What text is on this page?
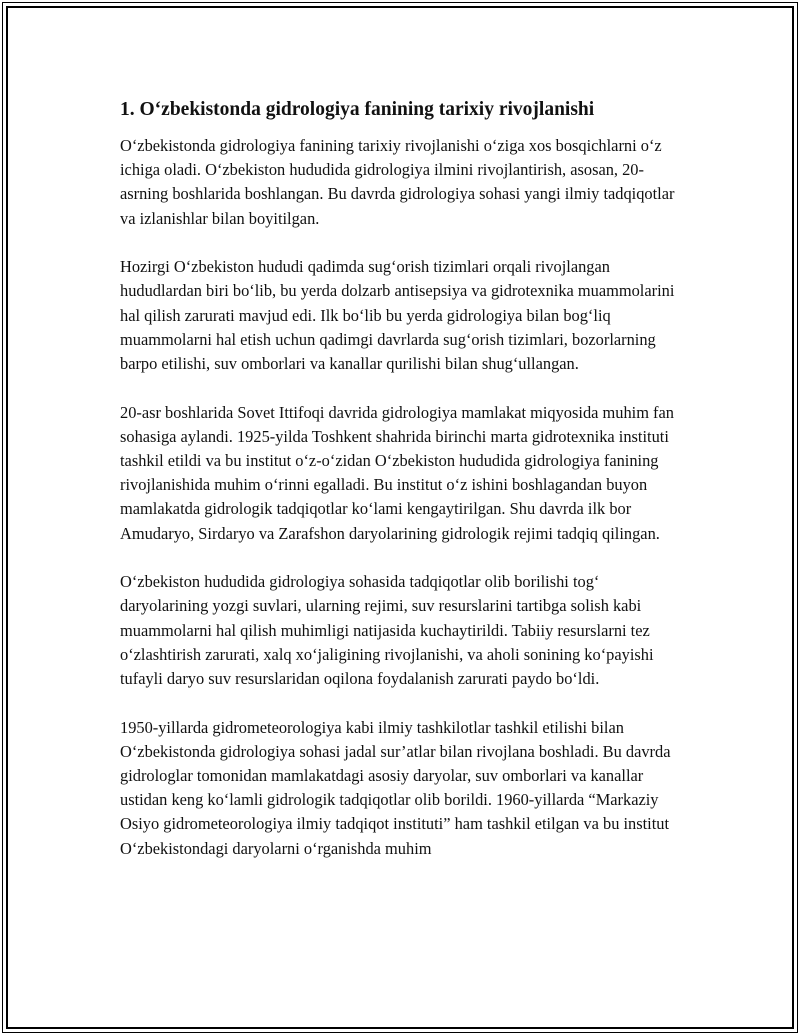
1. O‘zbekistonda gidrologiya fanining tarixiy rivojlanishi

O‘zbekistonda gidrologiya fanining tarixiy rivojlanishi o‘ziga xos bosqichlarni o‘z ichiga oladi. O‘zbekiston hududida gidrologiya ilmini rivojlantirish, asosan, 20-asrning boshlarida boshlangan. Bu davrda gidrologiya sohasi yangi ilmiy tadqiqotlar va izlanishlar bilan boyitilgan.

Hozirgi O‘zbekiston hududi qadimda sug‘orish tizimlari orqali rivojlangan hududlardan biri bo‘lib, bu yerda dolzarb antisepsiya va gidrotexnika muammolarini hal qilish zarurati mavjud edi. Ilk bo‘lib bu yerda gidrologiya bilan bog‘liq muammolarni hal etish uchun qadimgi davrlarda sug‘orish tizimlari, bozorlarning barpo etilishi, suv omborlari va kanallar qurilishi bilan shug‘ullangan.

20-asr boshlarida Sovet Ittifoqi davrida gidrologiya mamlakat miqyosida muhim fan sohasiga aylandi. 1925-yilda Toshkent shahrida birinchi marta gidrotexnika instituti tashkil etildi va bu institut o‘z-o‘zidan O‘zbekiston hududida gidrologiya fanining rivojlanishida muhim o‘rinni egalladi. Bu institut o‘z ishini boshlagandan buyon mamlakatda gidrologik tadqiqotlar ko‘lami kengaytirilgan. Shu davrda ilk bor Amudaryo, Sirdaryo va Zarafshon daryolarining gidrologik rejimi tadqiq qilingan.

O‘zbekiston hududida gidrologiya sohasida tadqiqotlar olib borilishi tog‘ daryolarining yozgi suvlari, ularning rejimi, suv resurslarini tartibga solish kabi muammolarni hal qilish muhimligi natijasida kuchaytirildi. Tabiiy resurslarni tez o‘zlashtirish zarurati, xalq xo‘jaligining rivojlanishi, va aholi sonining ko‘payishi tufayli daryo suv resurslaridan oqilona foydalanish zarurati paydo bo‘ldi.

1950-yillarda gidrometeorologiya kabi ilmiy tashkilotlar tashkil etilishi bilan O‘zbekistonda gidrologiya sohasi jadal sur’atlar bilan rivojlana boshladi. Bu davrda gidrologlar tomonidan mamlakatdagi asosiy daryolar, suv omborlari va kanallar ustidan keng ko‘lamli gidrologik tadqiqotlar olib borildi. 1960-yillarda “Markaziy Osiyo gidrometeorologiya ilmiy tadqiqot instituti” ham tashkil etilgan va bu institut O‘zbekistondagi daryolarni o‘rganishda muhim
